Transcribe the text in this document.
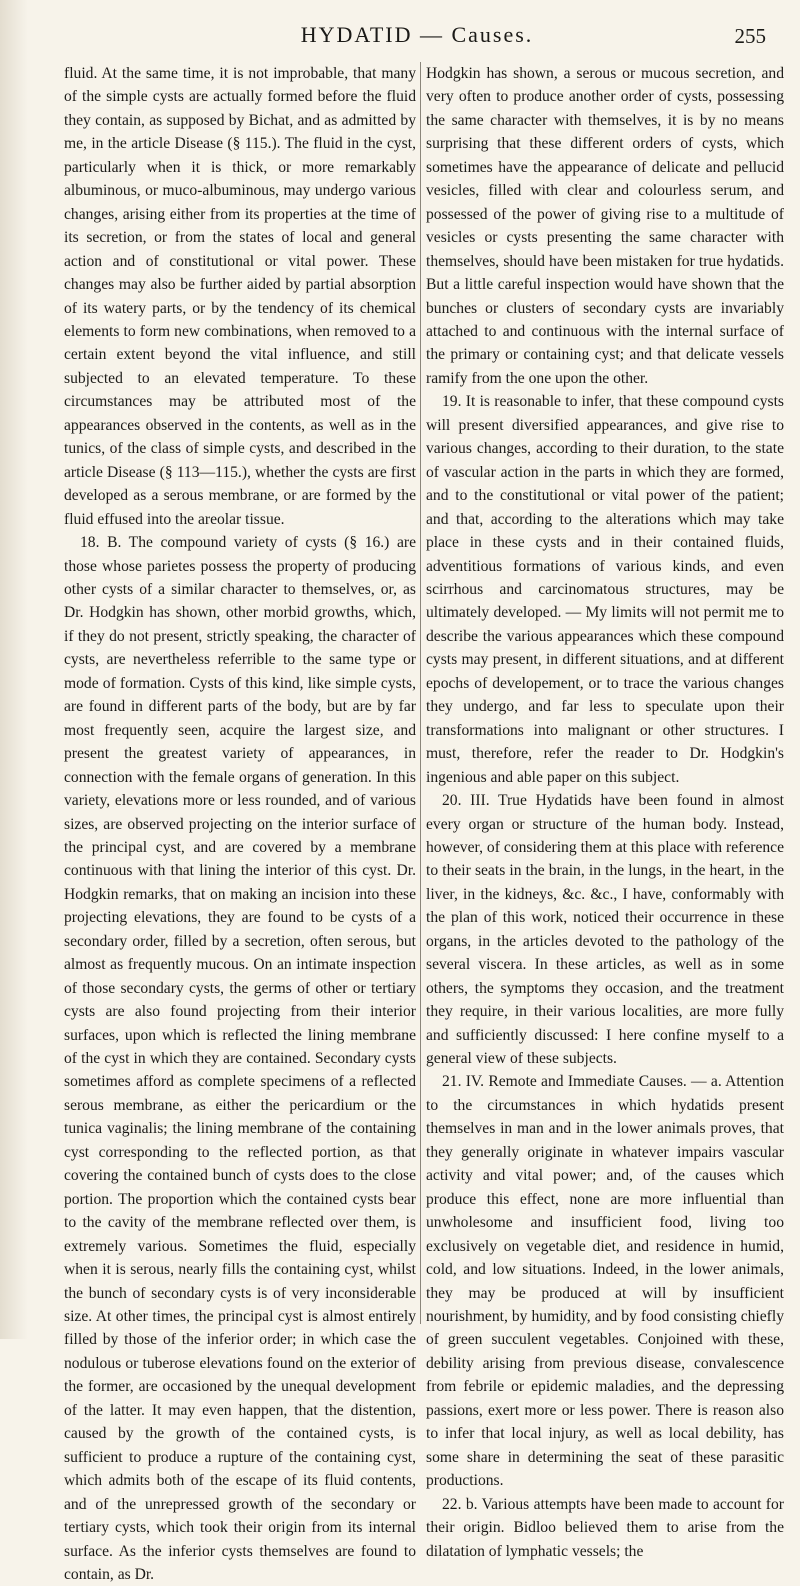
HYDATID — Causes.	255

fluid. At the same time, it is not improbable, that many of the simple cysts are actually formed before the fluid they contain, as supposed by Bichat, and as admitted by me, in the article Disease (§ 115.). The fluid in the cyst, particularly when it is thick, or more remarkably albuminous, or muco-albuminous, may undergo various changes, arising either from its properties at the time of its secretion, or from the states of local and general action and of constitutional or vital power. These changes may also be further aided by partial absorption of its watery parts, or by the tendency of its chemical elements to form new combinations, when removed to a certain extent beyond the vital influence, and still subjected to an elevated temperature. To these circumstances may be attributed most of the appearances observed in the contents, as well as in the tunics, of the class of simple cysts, and described in the article Disease (§ 113—115.), whether the cysts are first developed as a serous membrane, or are formed by the fluid effused into the areolar tissue.

18. B. The compound variety of cysts (§ 16.) are those whose parietes possess the property of producing other cysts of a similar character to themselves, or, as Dr. Hodgkin has shown, other morbid growths, which, if they do not present, strictly speaking, the character of cysts, are nevertheless referrible to the same type or mode of formation. Cysts of this kind, like simple cysts, are found in different parts of the body, but are by far most frequently seen, acquire the largest size, and present the greatest variety of appearances, in connection with the female organs of generation. In this variety, elevations more or less rounded, and of various sizes, are observed projecting on the interior surface of the principal cyst, and are covered by a membrane continuous with that lining the interior of this cyst. Dr. Hodgkin remarks, that on making an incision into these projecting elevations, they are found to be cysts of a secondary order, filled by a secretion, often serous, but almost as frequently mucous. On an intimate inspection of those secondary cysts, the germs of other or tertiary cysts are also found projecting from their interior surfaces, upon which is reflected the lining membrane of the cyst in which they are contained. Secondary cysts sometimes afford as complete specimens of a reflected serous membrane, as either the pericardium or the tunica vaginalis; the lining membrane of the containing cyst corresponding to the reflected portion, as that covering the contained bunch of cysts does to the close portion. The proportion which the contained cysts bear to the cavity of the membrane reflected over them, is extremely various. Sometimes the fluid, especially when it is serous, nearly fills the containing cyst, whilst the bunch of secondary cysts is of very inconsiderable size. At other times, the principal cyst is almost entirely filled by those of the inferior order; in which case the nodulous or tuberose elevations found on the exterior of the former, are occasioned by the unequal development of the latter. It may even happen, that the distention, caused by the growth of the contained cysts, is sufficient to produce a rupture of the containing cyst, which admits both of the escape of its fluid contents, and of the unrepressed growth of the secondary or tertiary cysts, which took their origin from its internal surface. As the inferior cysts themselves are found to contain, as Dr.

Hodgkin has shown, a serous or mucous secretion, and very often to produce another order of cysts, possessing the same character with themselves, it is by no means surprising that these different orders of cysts, which sometimes have the appearance of delicate and pellucid vesicles, filled with clear and colourless serum, and possessed of the power of giving rise to a multitude of vesicles or cysts presenting the same character with themselves, should have been mistaken for true hydatids. But a little careful inspection would have shown that the bunches or clusters of secondary cysts are invariably attached to and continuous with the internal surface of the primary or containing cyst; and that delicate vessels ramify from the one upon the other.

19. It is reasonable to infer, that these compound cysts will present diversified appearances, and give rise to various changes, according to their duration, to the state of vascular action in the parts in which they are formed, and to the constitutional or vital power of the patient; and that, according to the alterations which may take place in these cysts and in their contained fluids, adventitious formations of various kinds, and even scirrhous and carcinomatous structures, may be ultimately developed. — My limits will not permit me to describe the various appearances which these compound cysts may present, in different situations, and at different epochs of developement, or to trace the various changes they undergo, and far less to speculate upon their transformations into malignant or other structures. I must, therefore, refer the reader to Dr. Hodgkin's ingenious and able paper on this subject.

20. III. True Hydatids have been found in almost every organ or structure of the human body. Instead, however, of considering them at this place with reference to their seats in the brain, in the lungs, in the heart, in the liver, in the kidneys, &c. &c., I have, conformably with the plan of this work, noticed their occurrence in these organs, in the articles devoted to the pathology of the several viscera. In these articles, as well as in some others, the symptoms they occasion, and the treatment they require, in their various localities, are more fully and sufficiently discussed: I here confine myself to a general view of these subjects.

21. IV. Remote and Immediate Causes. — a. Attention to the circumstances in which hydatids present themselves in man and in the lower animals proves, that they generally originate in whatever impairs vascular activity and vital power; and, of the causes which produce this effect, none are more influential than unwholesome and insufficient food, living too exclusively on vegetable diet, and residence in humid, cold, and low situations. Indeed, in the lower animals, they may be produced at will by insufficient nourishment, by humidity, and by food consisting chiefly of green succulent vegetables. Conjoined with these, debility arising from previous disease, convalescence from febrile or epidemic maladies, and the depressing passions, exert more or less power. There is reason also to infer that local injury, as well as local debility, has some share in determining the seat of these parasitic productions.

22. b. Various attempts have been made to account for their origin. Bidloo believed them to arise from the dilatation of lymphatic vessels; the
